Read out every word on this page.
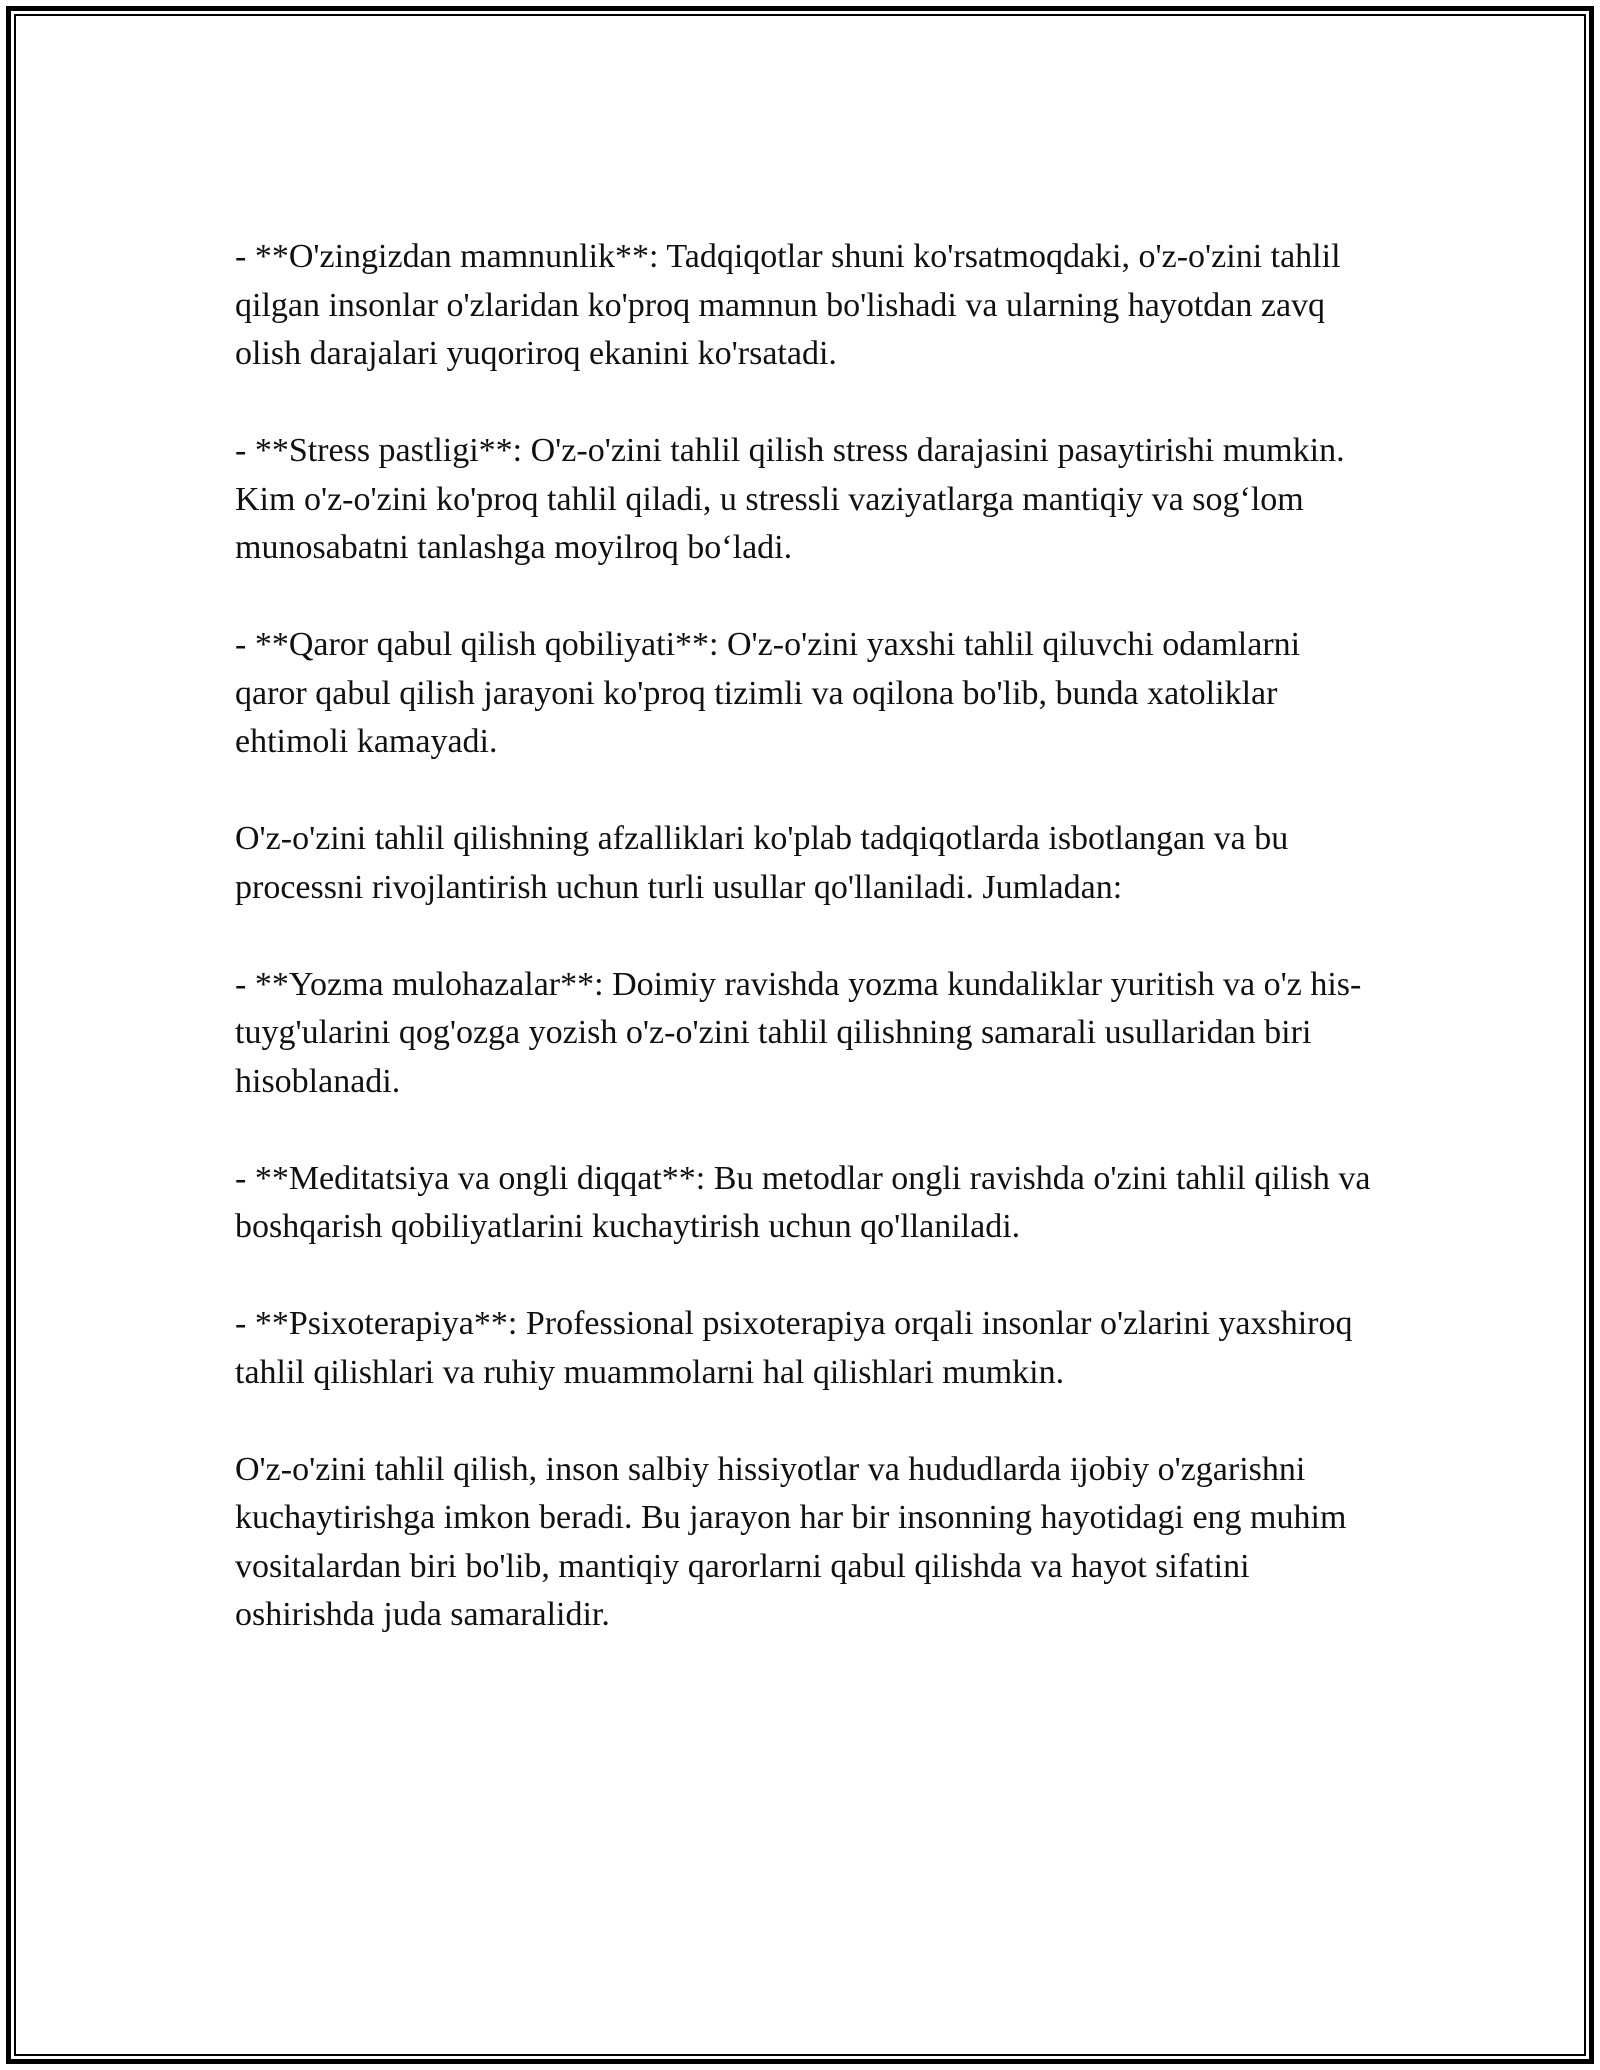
- **O'zingizdan mamnunlik**: Tadqiqotlar shuni ko'rsatmoqdaki, o'z-o'zini tahlil qilgan insonlar o'zlaridan ko'proq mamnun bo'lishadi va ularning hayotdan zavq olish darajalari yuqoriroq ekanini ko'rsatadi.

- **Stress pastligi**: O'z-o'zini tahlil qilish stress darajasini pasaytirishi mumkin. Kim o'z-o'zini ko'proq tahlil qiladi, u stressli vaziyatlarga mantiqiy va sog‘lom munosabatni tanlashga moyilroq bo‘ladi.

- **Qaror qabul qilish qobiliyati**: O'z-o'zini yaxshi tahlil qiluvchi odamlarni qaror qabul qilish jarayoni ko'proq tizimli va oqilona bo'lib, bunda xatoliklar ehtimoli kamayadi.

O'z-o'zini tahlil qilishning afzalliklari ko'plab tadqiqotlarda isbotlangan va bu processni rivojlantirish uchun turli usullar qo'llaniladi. Jumladan:

- **Yozma mulohazalar**: Doimiy ravishda yozma kundaliklar yuritish va o'z his-tuyg'ularini qog'ozga yozish o'z-o'zini tahlil qilishning samarali usullaridan biri hisoblanadi.

- **Meditatsiya va ongli diqqat**: Bu metodlar ongli ravishda o'zini tahlil qilish va boshqarish qobiliyatlarini kuchaytirish uchun qo'llaniladi.

- **Psixoterapiya**: Professional psixoterapiya orqali insonlar o'zlarini yaxshiroq tahlil qilishlari va ruhiy muammolarni hal qilishlari mumkin.

O'z-o'zini tahlil qilish, inson salbiy hissiyotlar va hududlarda ijobiy o'zgarishni kuchaytirishga imkon beradi. Bu jarayon har bir insonning hayotidagi eng muhim vositalardan biri bo'lib, mantiqiy qarorlarni qabul qilishda va hayot sifatini oshirishda juda samaralidir.
